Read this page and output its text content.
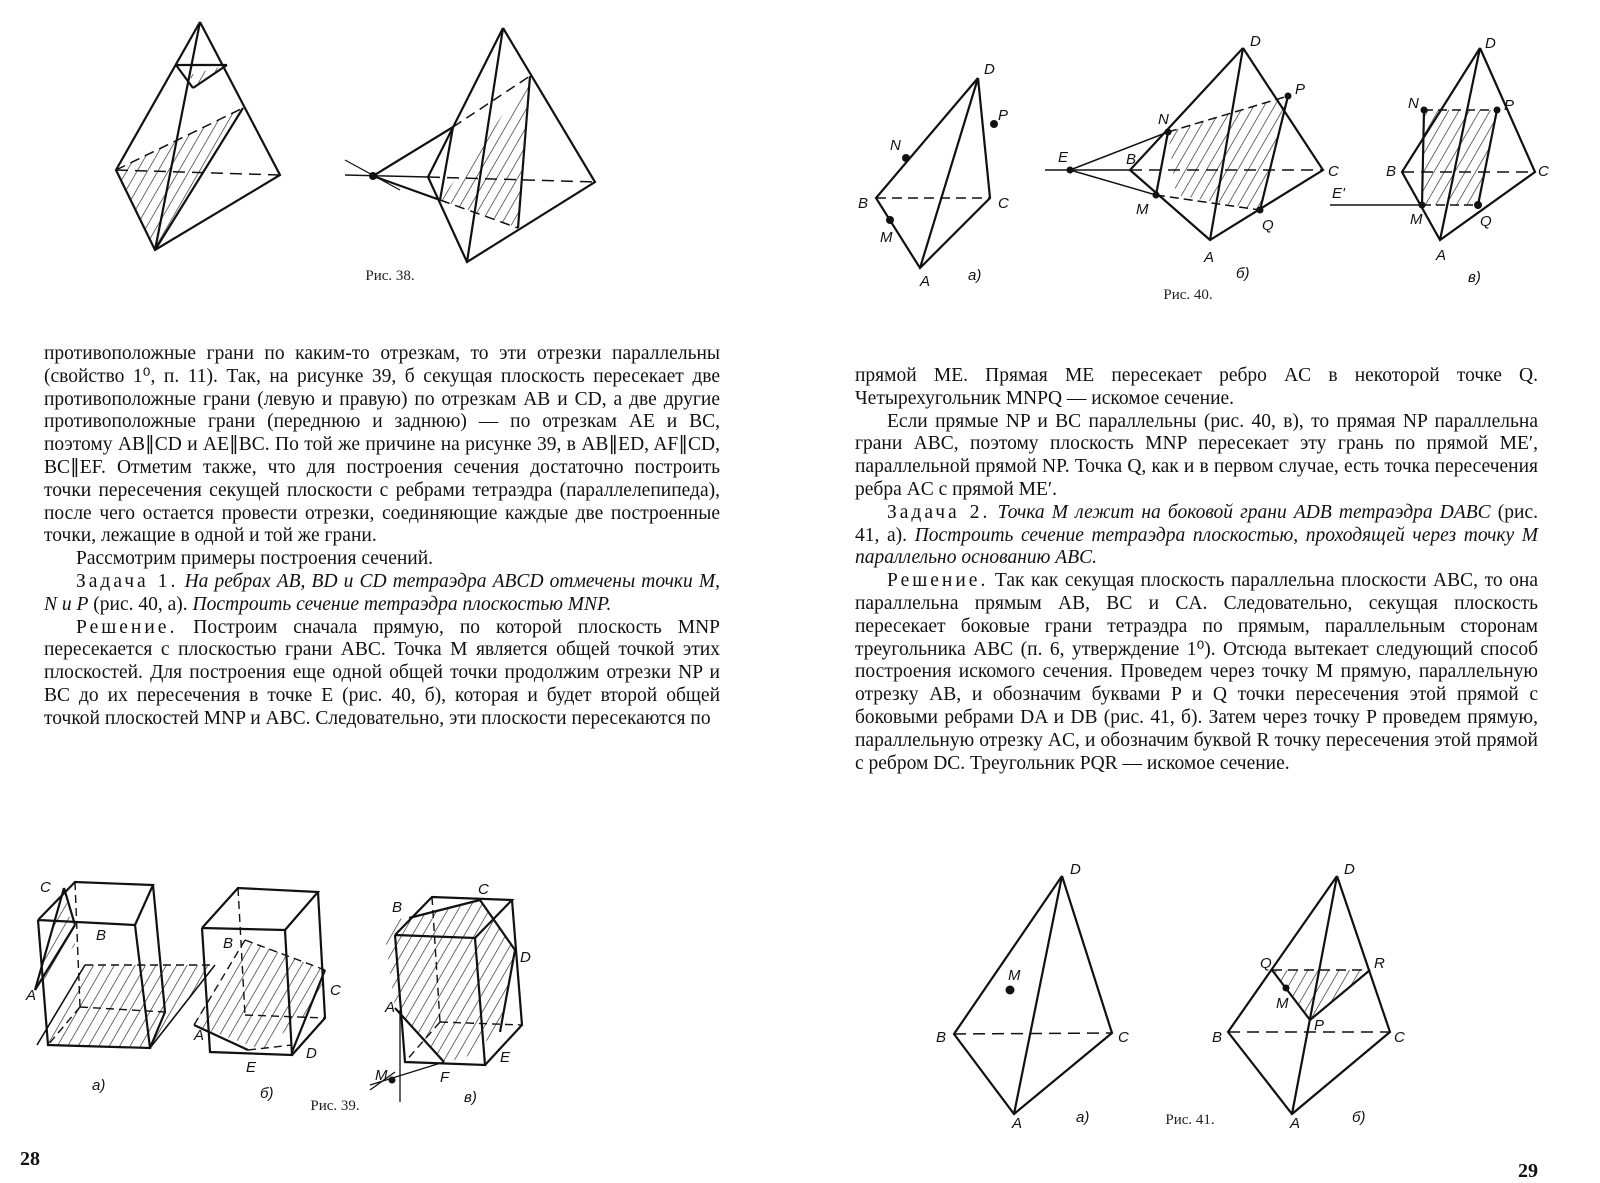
Рис. 38.
D
P
N
B	C
M
A	а)
D
P
N
E	B
C
M
Q
A
б)
D
N	P
B	C
E'
M	Q
A
в)
Рис. 40.

противоположные грани по каким-то отрезкам, то эти отрезки параллельны (свойство 1⁰, п. 11). Так, на рисунке 39, б секущая плоскость пересекает две противоположные грани (левую и правую) по отрезкам AB и CD, а две другие противоположные грани (переднюю и заднюю) — по отрезкам AE и BC, поэтому AB∥CD и AE∥BC. По той же причине на рисунке 39, в AB∥ED, AF∥CD, BC∥EF. Отметим также, что для построения сечения достаточно построить точки пересечения секущей плоскости с ребрами тетраэдра (параллелепипеда), после чего остается провести отрезки, соединяющие каждые две построенные точки, лежащие в одной и той же грани.

Рассмотрим примеры построения сечений.

Задача 1. На ребрах AB, BD и CD тетраэдра ABCD отмечены точки M, N и P (рис. 40, а). Построить сечение тетраэдра плоскостью MNP.

Решение. Построим сначала прямую, по которой плоскость MNP пересекается с плоскостью грани ABC. Точка M является общей точкой этих плоскостей. Для построения еще одной общей точки продолжим отрезки NP и BC до их пересечения в точке E (рис. 40, б), которая и будет второй общей точкой плоскостей MNP и ABC. Следовательно, эти плоскости пересекаются по

прямой ME. Прямая ME пересекает ребро AC в некоторой точке Q. Четырехугольник MNPQ — искомое сечение.

Если прямые NP и BC параллельны (рис. 40, в), то прямая NP параллельна грани ABC, поэтому плоскость MNP пересекает эту грань по прямой ME′, параллельной прямой NP. Точка Q, как и в первом случае, есть точка пересечения ребра AC с прямой ME′.

Задача 2. Точка M лежит на боковой грани ADB тетраэдра DABC (рис. 41, а). Построить сечение тетраэдра плоскостью, проходящей через точку M параллельно основанию ABC.

Решение. Так как секущая плоскость параллельна плоскости ABC, то она параллельна прямым AB, BC и CA. Следовательно, секущая плоскость пересекает боковые грани тетраэдра по прямым, параллельным сторонам треугольника ABC (п. 6, утверждение 1⁰). Отсюда вытекает следующий способ построения искомого сечения. Проведем через точку M прямую, параллельную отрезку AB, и обозначим буквами P и Q точки пересечения этой прямой с боковыми ребрами DA и DB (рис. 41, б). Затем через точку P проведем прямую, параллельную отрезку AC, и обозначим буквой R точку пересечения этой прямой с ребром DC. Треугольник PQR — искомое сечение.

C
B
A
а)
B
C
A
E
D
б)
B
C
D
A
E
F
M
в)
Рис. 39.
D
M
B	C
A	а)
D
Q	R
M
P
B	C
A	б)
Рис. 41.
28
29
